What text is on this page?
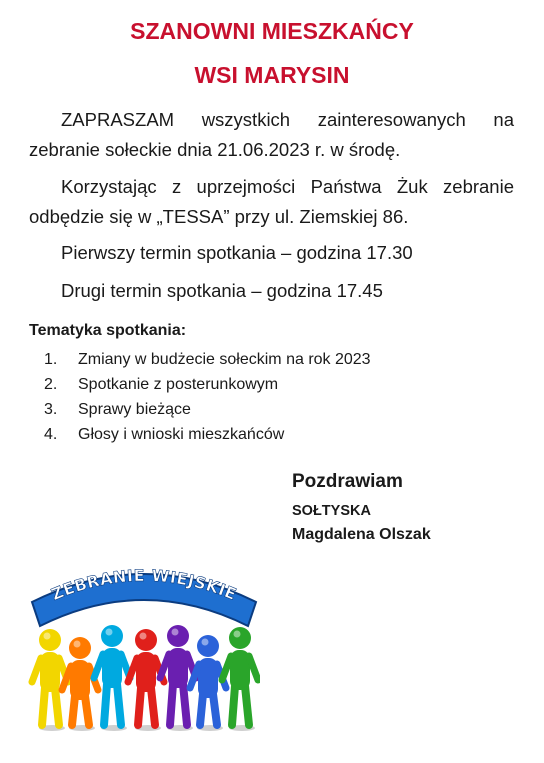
SZANOWNI MIESZKAŃCY
WSI MARYSIN
ZAPRASZAM wszystkich zainteresowanych na zebranie sołeckie dnia 21.06.2023 r. w środę.
Korzystając z uprzejmości Państwa Żuk zebranie odbędzie się w „TESSA” przy ul. Ziemskiej 86.
Pierwszy termin spotkania – godzina 17.30
Drugi termin spotkania – godzina 17.45
Tematyka spotkania:
1.	Zmiany w budżecie sołeckim na rok 2023
2.	Spotkanie z posterunkowym
3.	Sprawy bieżące
4.	Głosy i wnioski mieszkańców
Pozdrawiam
SOŁTYSKA
Magdalena Olszak
ZEBRANIE WIEJSKIE
